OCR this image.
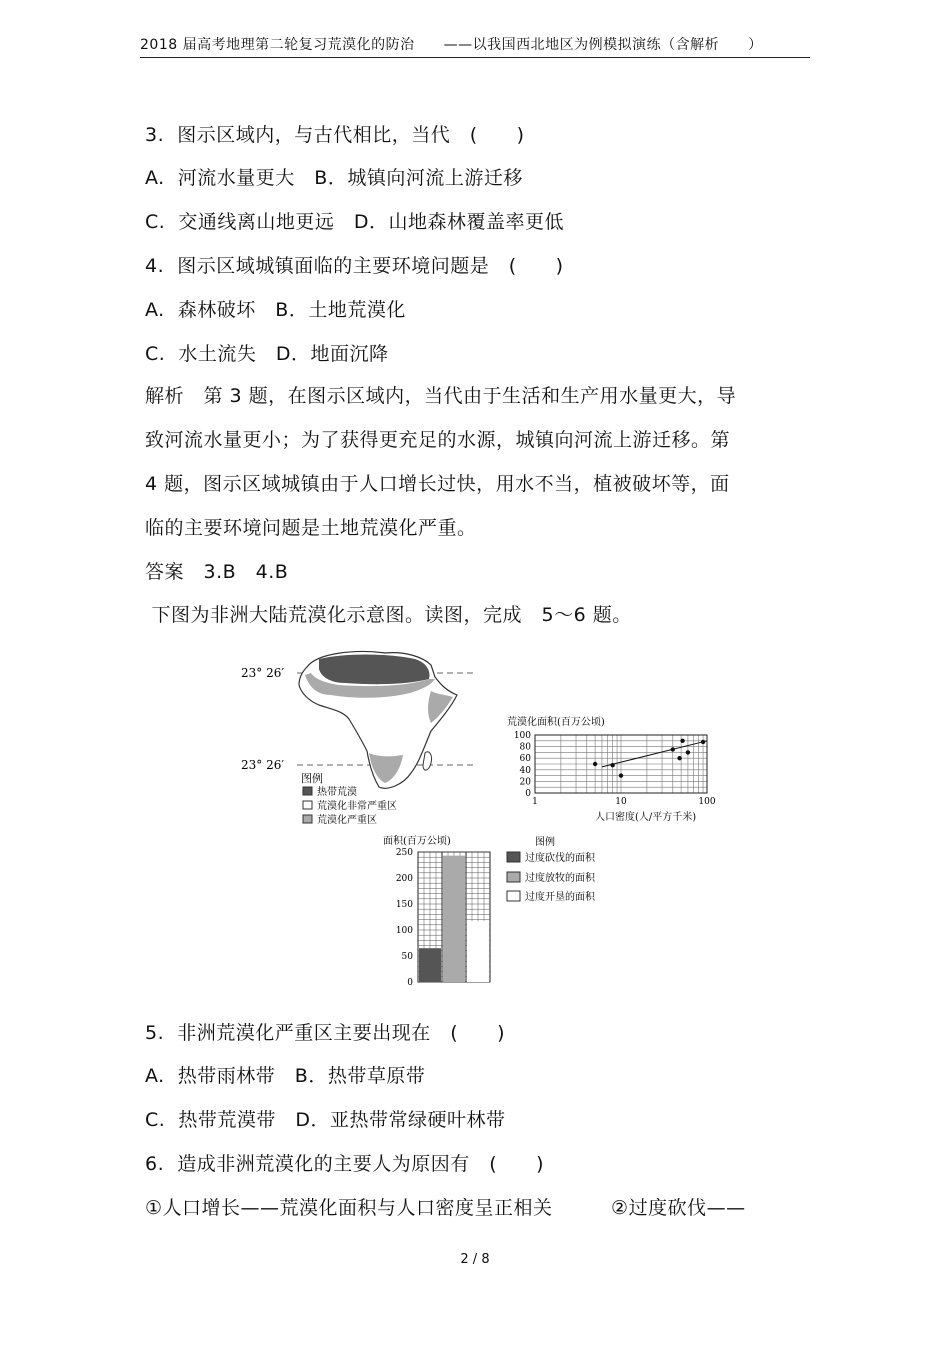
2018 届高考地理第二轮复习荒漠化的防治　　——以我国西北地区为例模拟演练（含解析　　）
3.  图示区域内，与古代相比，当代　(　　)
A.  河流水量更大　B．城镇向河流上游迁移
C.  交通线离山地更远　D．山地森林覆盖率更低
4.  图示区域城镇面临的主要环境问题是　(　　)
A.  森林破坏　B．土地荒漠化
C.  水土流失　D．地面沉降
解析　第 3 题，在图示区域内，当代由于生活和生产用水量更大，导
致河流水量更小；为了获得更充足的水源，城镇向河流上游迁移。第
4 题，图示区域城镇由于人口增长过快，用水不当，植被破坏等，面
临的主要环境问题是土地荒漠化严重。
答案　3.B　4.B
下图为非洲大陆荒漠化示意图。读图，完成　5～6 题。
23° 26′
23° 26′
图例
热带荒漠
荒漠化非常严重区
荒漠化严重区
荒漠化面积(百万公顷)
0
20
40
60
80
100
1	10	100
人口密度(人/平方千米)
面积(百万公顷)
0
50
100
150
200
250
图例
过度砍伐的面积
过度放牧的面积
过度开垦的面积
5.  非洲荒漠化严重区主要出现在　(　　)
A.  热带雨林带　B．热带草原带
C.  热带荒漠带　D．亚热带常绿硬叶林带
6.  造成非洲荒漠化的主要人为原因有　(　　)
①人口增长——荒漠化面积与人口密度呈正相关　　　②过度砍伐——
2 / 8
